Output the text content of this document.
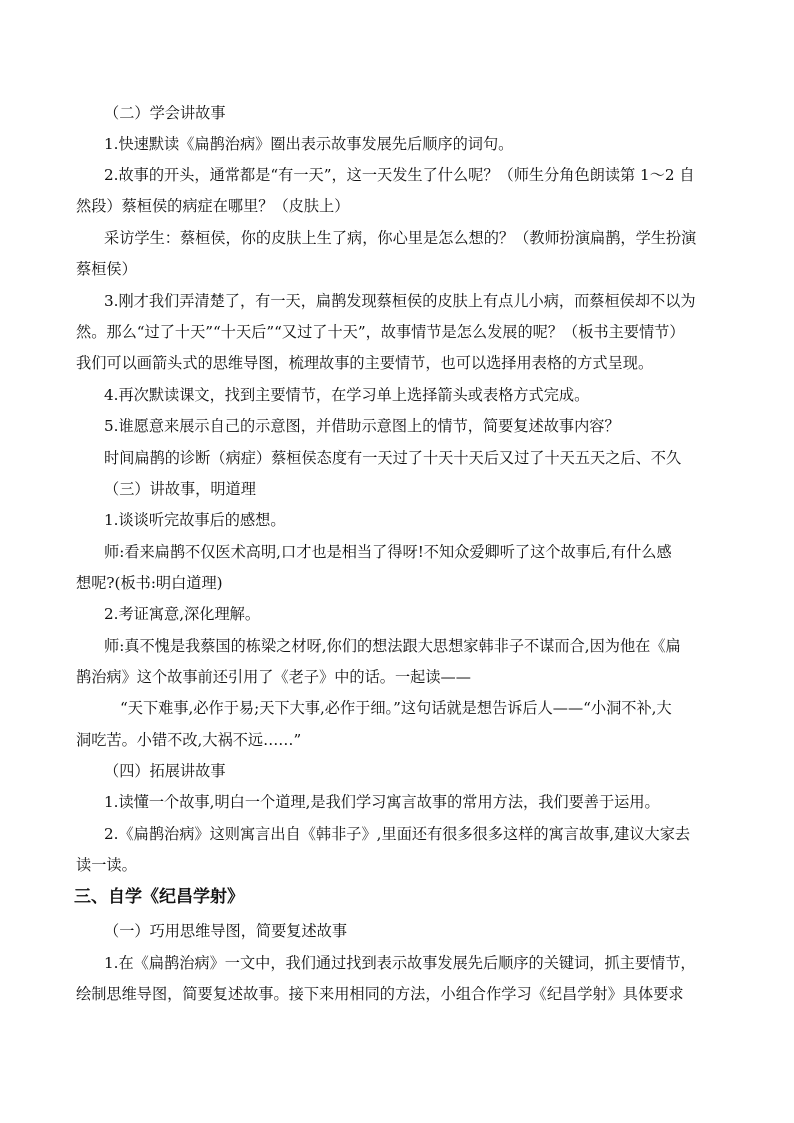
（二）学会讲故事
1.快速默读《扁鹊治病》圈出表示故事发展先后顺序的词句。
2.故事的开头，通常都是“有一天”，这一天发生了什么呢？（师生分角色朗读第 1～2 自
然段）蔡桓侯的病症在哪里？（皮肤上）
采访学生：蔡桓侯，你的皮肤上生了病，你心里是怎么想的？（教师扮演扁鹊，学生扮演
蔡桓侯）
3.刚才我们弄清楚了，有一天，扁鹊发现蔡桓侯的皮肤上有点儿小病，而蔡桓侯却不以为
然。那么“过了十天”“十天后”“又过了十天”，故事情节是怎么发展的呢？（板书主要情节）
我们可以画箭头式的思维导图，梳理故事的主要情节，也可以选择用表格的方式呈现。
4.再次默读课文，找到主要情节，在学习单上选择箭头或表格方式完成。
5.谁愿意来展示自己的示意图，并借助示意图上的情节，简要复述故事内容？
时间扁鹊的诊断（病症）蔡桓侯态度有一天过了十天十天后又过了十天五天之后、不久
（三）讲故事，明道理
1.谈谈听完故事后的感想。
师:看来扁鹊不仅医术高明,口才也是相当了得呀!不知众爱卿听了这个故事后,有什么感
想呢?(板书:明白道理)
2.考证寓意,深化理解。
师:真不愧是我蔡国的栋梁之材呀,你们的想法跟大思想家韩非子不谋而合,因为他在《扁
鹊治病》这个故事前还引用了《老子》中的话。一起读——
“天下难事,必作于易;天下大事,必作于细。”这句话就是想告诉后人——“小洞不补,大
洞吃苦。小错不改,大祸不远……”
（四）拓展讲故事
1.读懂一个故事,明白一个道理,是我们学习寓言故事的常用方法，我们要善于运用。
2.《扁鹊治病》这则寓言出自《韩非子》,里面还有很多很多这样的寓言故事,建议大家去
读一读。
三、自学《纪昌学射》
（一）巧用思维导图，简要复述故事
1.在《扁鹊治病》一文中，我们通过找到表示故事发展先后顺序的关键词，抓主要情节，
绘制思维导图，简要复述故事。接下来用相同的方法，小组合作学习《纪昌学射》具体要求
